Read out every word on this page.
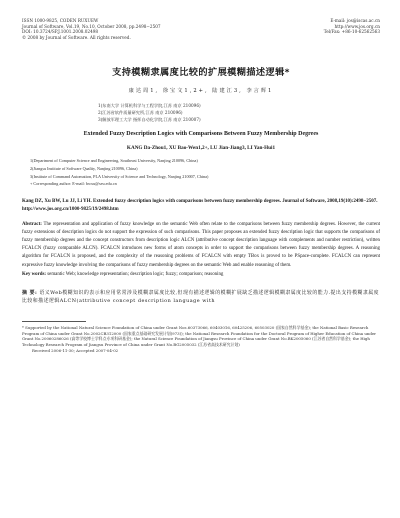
ISSN 1000-9825, CODEN RUXUEW
Journal of Software, Vol.19, No.10, October 2008, pp.2498−2507
DOI: 10.3724/SP.J.1001.2008.02498
© 2008 by Journal of Software. All rights reserved.
E-mail: jos@iscas.ac.cn
http://www.jos.org.cn
Tel/Fax: +86-10-62562563
支持模糊隶属度比较的扩展模糊描述逻辑*
康达周1, 徐宝文1,2+, 陆建江3, 李言辉1
1(东南大学 计算机科学与工程学院,江苏 南京 210096)
2(江苏省软件质量研究所,江苏 南京 210096)
3(解放军理工大学 指挥自动化学院,江苏 南京 210007)
Extended Fuzzy Description Logics with Comparisons Between Fuzzy Membership Degrees
KANG Da-Zhou1, XU Bao-Wen1,2+, LU Jian-Jiang3, LI Yan-Hui1
1(Department of Computer Science and Engineering, Southeast University, Nanjing 210096, China)
2(Jiangsu Institute of Software Quality, Nanjing 210096, China)
3(Institute of Command Automation, PLA University of Science and Technology, Nanjing 210007, China)
+ Corresponding author: E-mail: bwxu@seu.edu.cn
Kang DZ, Xu BW, Lu JJ, Li YH. Extended fuzzy description logics with comparisons between fuzzy membership degrees. Journal of Software, 2008,19(10):2498−2507. http://www.jos.org.cn/1000-9825/19/2498.htm
Abstract: The representation and application of fuzzy knowledge on the semantic Web often relate to the comparisons between fuzzy membership degrees. However, the current fuzzy extensions of description logics do not support the expression of such comparisons. This paper proposes an extended fuzzy description logic that supports the comparisons of fuzzy membership degrees and the concept constructors from description logic ALCN (attributive concept description language with complements and number restriction), written FCALCN (fuzzy comparable ALCN). FCALCN introduces new forms of atom concepts in order to support the comparisons between fuzzy membership degrees. A reasoning algorithm for FCALCN is proposed, and the complexity of the reasoning problems of FCALCN with empty TBox is proved to be PSpace-complete. FCALCN can represent expressive fuzzy knowledge involving the comparisons of fuzzy membership degrees on the semantic Web and enable reasoning of them.
Key words: semantic Web; knowledge representation; description logic; fuzzy; comparison; reasoning
摘 要: 语义Web模糊知识的表示和应用常常涉及模糊隶属度比较,但现有描述逻辑的模糊扩展缺乏描述逻辑模糊隶属度比较的能力.提出支持模糊隶属度比较和描述逻辑ALCN(attributive concept description language with
* Supported by the National Natural Science Foundation of China under Grant Nos.60373066, 60403016, 60425206, 60503020 (国家自然科学基金); the National Basic Research Program of China under Grant No.2002CB312000 (国家重点基础研究发展计划(973)); the National Research Foundation for the Doctoral Program of Higher Education of China under Grant No.20060286026 (高等学校博士学科点专项科研基金); the Natural Science Foundation of Jiangsu Province of China under Grant No.BK2005060 (江苏省自然科学基金); the High Technology Research Program of Jiangsu Province of China under Grant No.BG2005032 (江苏省高技术研究计划)
Received 2006-11-30; Accepted 2007-04-02
